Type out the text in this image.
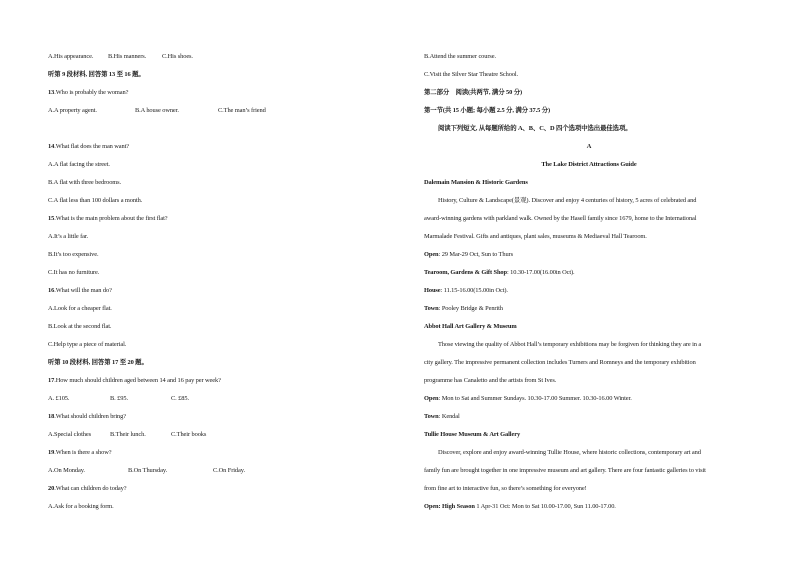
A.His appearance. B.His manners. C.His shoes.
听第 9 段材料, 回答第 13 至 16 题。
13.Who is probably the woman?
A.A property agent.	B.A house owner.	C.The man’s friend
14.What flat does the man want?
A.A flat facing the street.
B.A flat with three bedrooms.
C.A flat less than 100 dollars a month.
15.What is the main problem about the first flat?
A.It’s a little far.
B.It’s too expensive.
C.It has no furniture.
16.What will the man do?
A.Look for a cheaper flat.
B.Look at the second flat.
C.Help type a piece of material.
听第 10 段材料, 回答第 17 至 20 题。
17.How much should children aged between 14 and 16 pay per week?
A. £105.	B. £95.	C. £85.
18.What should children bring?
A.Special clothes	B.Their lunch.	C.Their books
19.When is there a show?
A.On Monday.	B.On Thursday.	C.On Friday.
20.What can children do today?
A.Ask for a booking form.
B.Attend the summer course.
C.Visit the Silver Star Theatre School.
第二部分　阅读(共两节, 满分 50 分)
第一节(共 15 小题; 每小题 2.5 分, 满分 37.5 分)
阅读下列短文, 从每题所给的 A、B、C、D 四个选项中选出最佳选项。
A
The Lake District Attractions Guide
Dalemain Mansion & Historic Gardens
History, Culture & Landscape(景观). Discover and enjoy 4 centuries of history, 5 acres of celebrated and
award-winning gardens with parkland walk. Owned by the Hasell family since 1679, home to the International
Marmalade Festival. Gifts and antiques, plant sales, museums & Mediaeval Hall Tearoom.
Open: 29 Mar-29 Oct, Sun to Thurs
Tearoom, Gardens & Gift Shop: 10.30-17.00(16.00in Oct).
House: 11.15-16.00(15.00in Oct).
Town: Pooley Bridge & Penrith
Abbot Hall Art Gallery & Museum
Those viewing the quality of Abbot Hall’s temporary exhibitions may be forgiven for thinking they are in a
city gallery. The impressive permanent collection includes Turners and Romneys and the temporary exhibition
programme has Canaletto and the artists from St Ives.
Open: Mon to Sat and Summer Sundays. 10.30-17.00 Summer. 10.30-16.00 Winter.
Town: Kendal
Tullie House Museum & Art Gallery
Discover, explore and enjoy award-winning Tullie House, where historic collections, contemporary art and
family fun are brought together in one impressive museum and art gallery. There are four fantastic galleries to visit
from fine art to interactive fun, so there’s something for everyone!
Open: High Season 1 Apr-31 Oct: Mon to Sat 10.00-17.00, Sun 11.00-17.00.
